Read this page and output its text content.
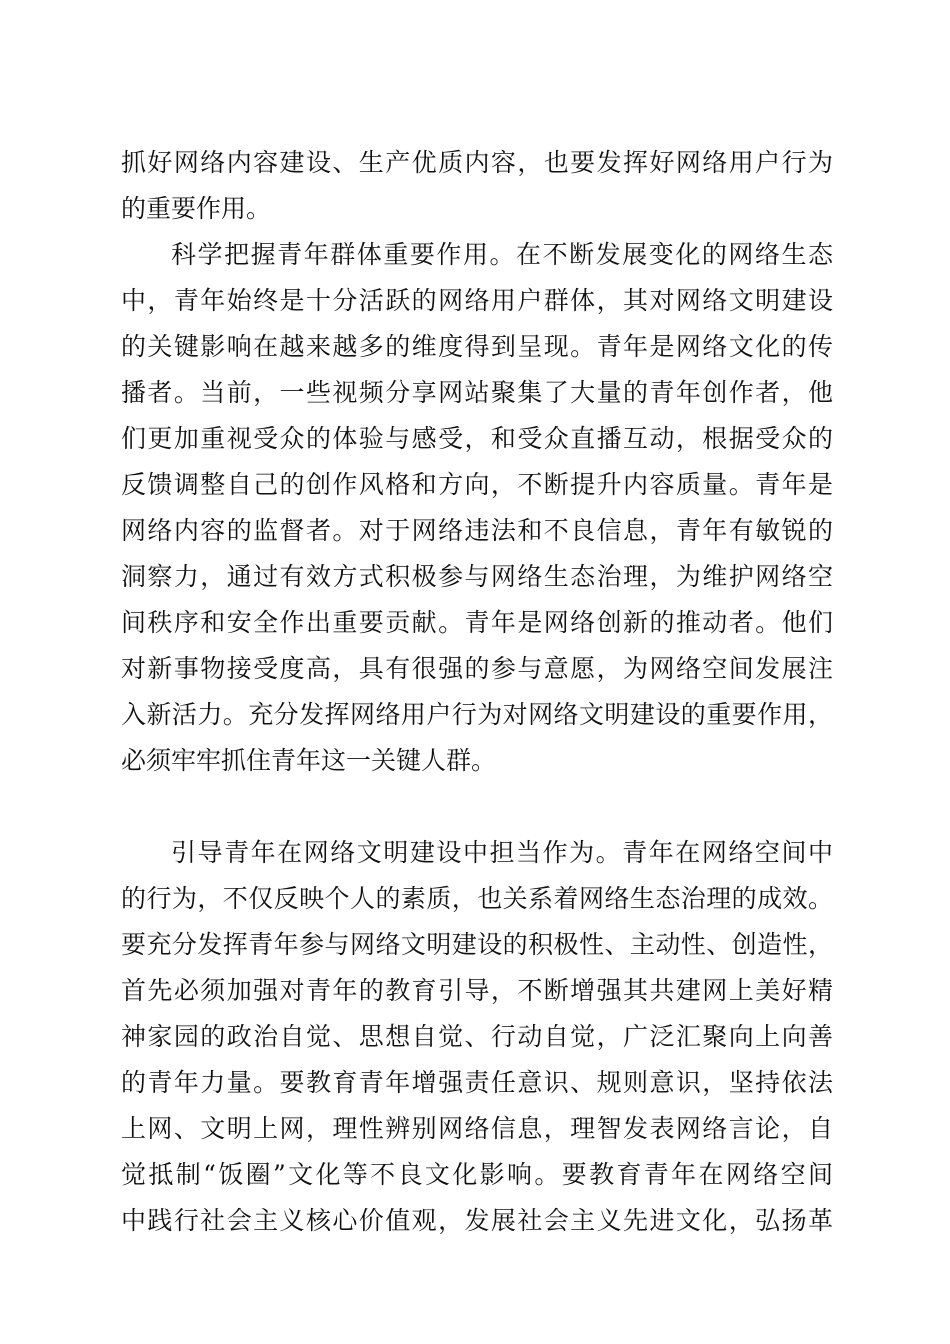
抓好网络内容建设、生产优质内容，也要发挥好网络用户行为
的重要作用。
科学把握青年群体重要作用。在不断发展变化的网络生态
中，青年始终是十分活跃的网络用户群体，其对网络文明建设
的关键影响在越来越多的维度得到呈现。青年是网络文化的传
播者。当前，一些视频分享网站聚集了大量的青年创作者，他
们更加重视受众的体验与感受，和受众直播互动，根据受众的
反馈调整自己的创作风格和方向，不断提升内容质量。青年是
网络内容的监督者。对于网络违法和不良信息，青年有敏锐的
洞察力，通过有效方式积极参与网络生态治理，为维护网络空
间秩序和安全作出重要贡献。青年是网络创新的推动者。他们
对新事物接受度高，具有很强的参与意愿，为网络空间发展注
入新活力。充分发挥网络用户行为对网络文明建设的重要作用，
必须牢牢抓住青年这一关键人群。
引导青年在网络文明建设中担当作为。青年在网络空间中
的行为，不仅反映个人的素质，也关系着网络生态治理的成效。
要充分发挥青年参与网络文明建设的积极性、主动性、创造性，
首先必须加强对青年的教育引导，不断增强其共建网上美好精
神家园的政治自觉、思想自觉、行动自觉，广泛汇聚向上向善
的青年力量。要教育青年增强责任意识、规则意识，坚持依法
上网、文明上网，理性辨别网络信息，理智发表网络言论，自
觉抵制“饭圈”文化等不良文化影响。要教育青年在网络空间
中践行社会主义核心价值观，发展社会主义先进文化，弘扬革
